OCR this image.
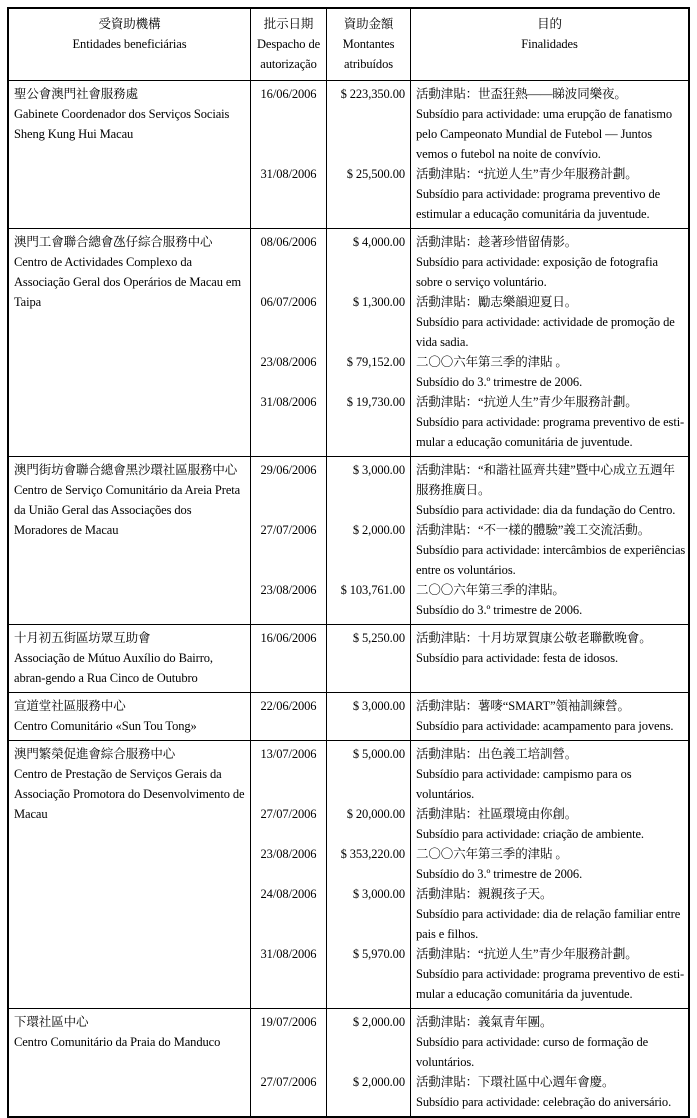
受資助機構
Entidades beneficiárias
批示日期
Despacho de autorização
資助金額
Montantes atribuídos
目的
Finalidades
聖公會澳門社會服務處
Gabinete Coordenador dos Serviços Sociais Sheng Kung Hui Macau
16/06/2006	$ 223,350.00 活動津貼：世盃狂熱——睇波同樂夜。
Subsídio para actividade: uma erupção de fanatismo pelo Campeonato Mundial de Futebol — Juntos vemos o futebol na noite de convívio.
31/08/2006	$ 25,500.00 活動津貼：“抗逆人生”青少年服務計劃。
Subsídio para actividade: programa preventivo de estimular a educação comunitária da juventude.
澳門工會聯合總會氹仔綜合服務中心
Centro de Actividades Complexo da Associação Geral dos Operários de Macau em Taipa
08/06/2006	$ 4,000.00 活動津貼：趁著珍惜留倩影。
Subsídio para actividade: exposição de fotografia sobre o serviço voluntário.
06/07/2006	$ 1,300.00 活動津貼：勵志樂韻迎夏日。
Subsídio para actividade: actividade de promoção de vida sadia.
23/08/2006	$ 79,152.00 二〇〇六年第三季的津貼 。
Subsídio do 3.º trimestre de 2006.
31/08/2006	$ 19,730.00 活動津貼：“抗逆人生”青少年服務計劃。
Subsídio para actividade: programa preventivo de esti-mular a educação comunitária de juventude.
澳門街坊會聯合總會黑沙環社區服務中心
Centro de Serviço Comunitário da Areia Preta da União Geral das Associações dos Moradores de Macau
29/06/2006	$ 3,000.00 活動津貼：“和諧社區齊共建”暨中心成立五週年服務推廣日。
Subsídio para actividade: dia da fundação do Centro.
27/07/2006	$ 2,000.00 活動津貼：“不一樣的體驗”義工交流活動。
Subsídio para actividade: intercâmbios de experiências entre os voluntários.
23/08/2006	$ 103,761.00 二〇〇六年第三季的津貼。
Subsídio do 3.º trimestre de 2006.
十月初五街區坊眾互助會
Associação de Mútuo Auxílio do Bairro, abran-gendo a Rua Cinco de Outubro
16/06/2006	$ 5,250.00 活動津貼：十月坊眾賀康公敬老聯歡晚會。
Subsídio para actividade: festa de idosos.
宣道堂社區服務中心
Centro Comunitário «Sun Tou Tong»
22/06/2006	$ 3,000.00 活動津貼：薯嘜“SMART”領袖訓練營。
Subsídio para actividade: acampamento para jovens.
澳門繁榮促進會綜合服務中心
Centro de Prestação de Serviços Gerais da Associação Promotora do Desenvolvimento de Macau
13/07/2006	$ 5,000.00 活動津貼：出色義工培訓營。
Subsídio para actividade: campismo para os voluntários.
27/07/2006	$ 20,000.00 活動津貼：社區環境由你創。
Subsídio para actividade: criação de ambiente.
23/08/2006	$ 353,220.00 二〇〇六年第三季的津貼 。
Subsídio do 3.º trimestre de 2006.
24/08/2006	$ 3,000.00 活動津貼：親親孩子天。
Subsídio para actividade: dia de relação familiar entre pais e filhos.
31/08/2006	$ 5,970.00 活動津貼：“抗逆人生”青少年服務計劃。
Subsídio para actividade: programa preventivo de esti-mular a educação comunitária da juventude.
下環社區中心
Centro Comunitário da Praia do Manduco
19/07/2006	$ 2,000.00 活動津貼：義氣青年團。
Subsídio para actividade: curso de formação de voluntários.
27/07/2006	$ 2,000.00 活動津貼：下環社區中心週年會慶。
Subsídio para actividade: celebração do aniversário.
